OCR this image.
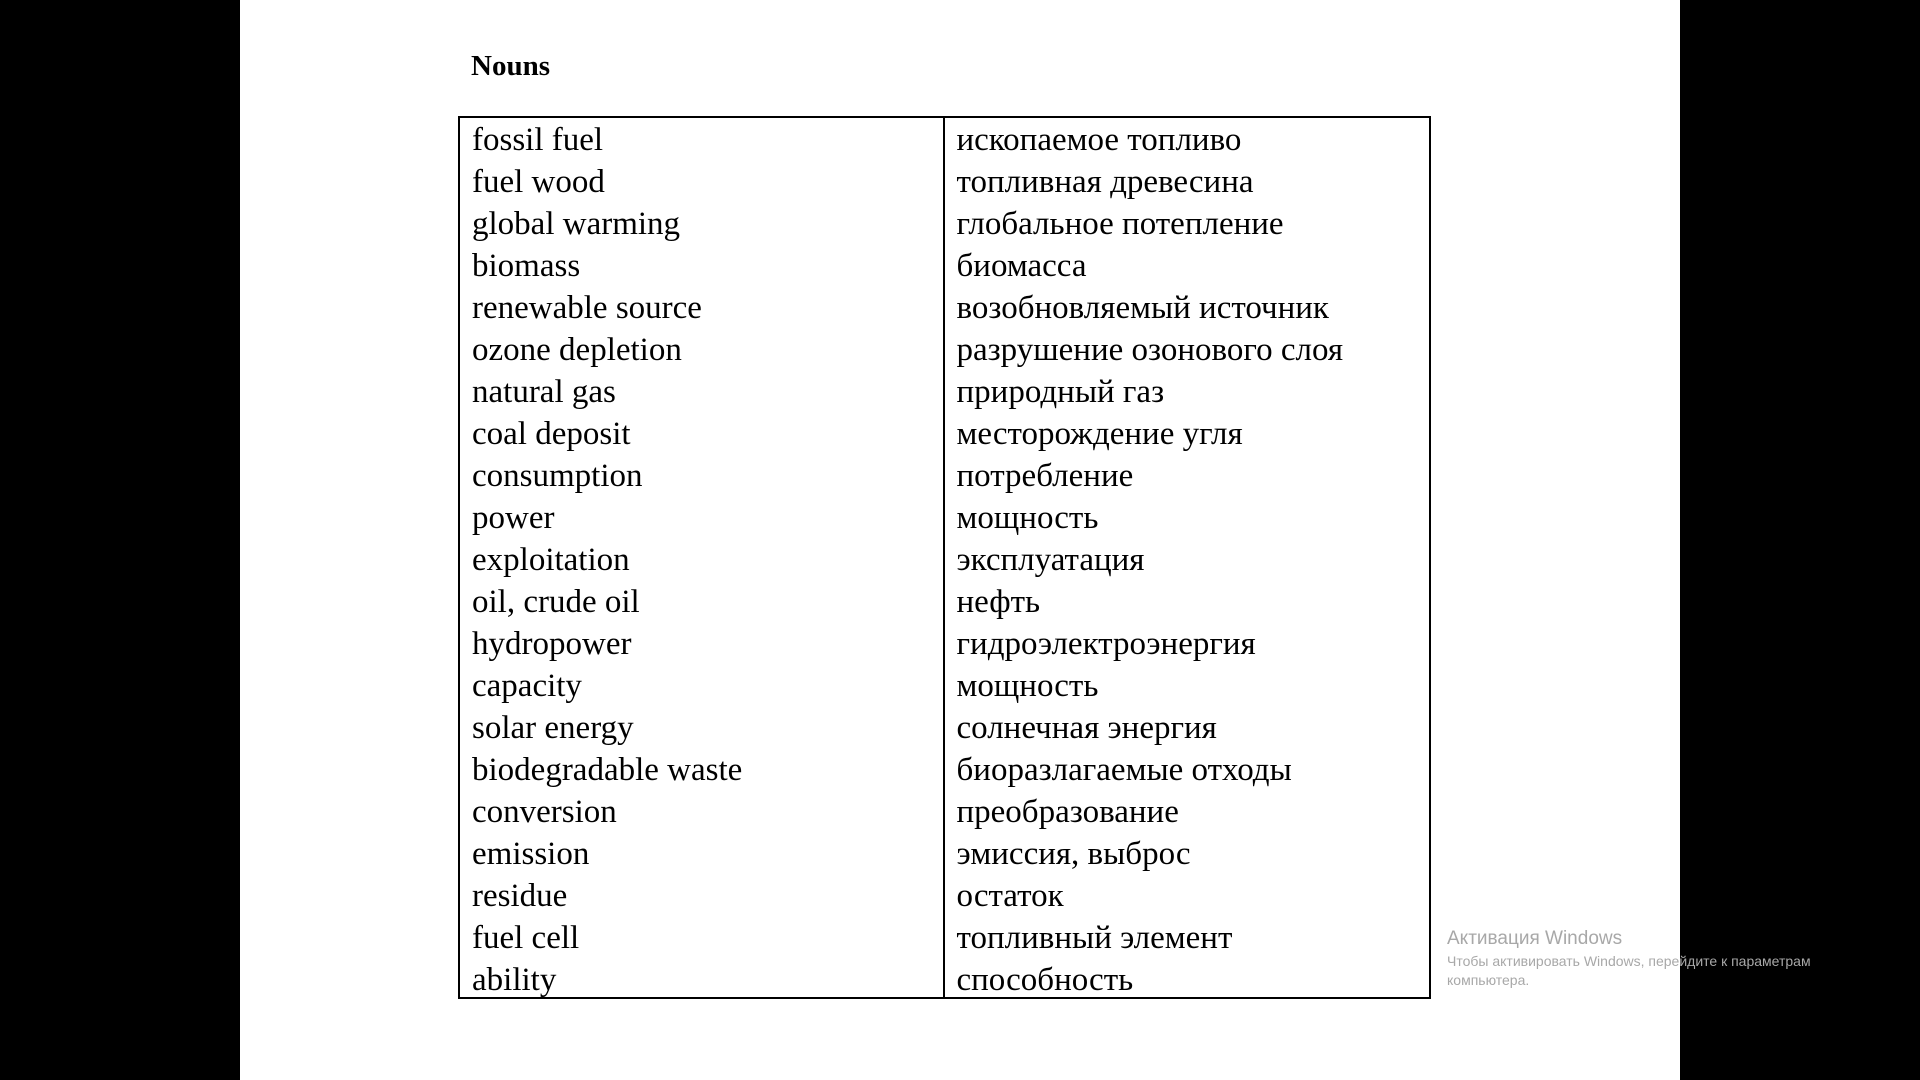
Nouns
fossil fuel
fuel wood
global warming
biomass
renewable source
ozone depletion
natural gas
coal deposit
consumption
power
exploitation
oil, crude oil
hydropower
capacity
solar energy
biodegradable waste
conversion
emission
residue
fuel cell
ability
ископаемое топливо
топливная древесина
глобальное потепление
биомасса
возобновляемый источник
разрушение озонового слоя
природный газ
месторождение угля
потребление
мощность
эксплуатация
нефть
гидроэлектроэнергия
мощность
солнечная энергия
биоразлагаемые отходы
преобразование
эмиссия, выброс
остаток
топливный элемент
способность
Активация Windows
Чтобы активировать Windows, перейдите к параметрам компьютера.
